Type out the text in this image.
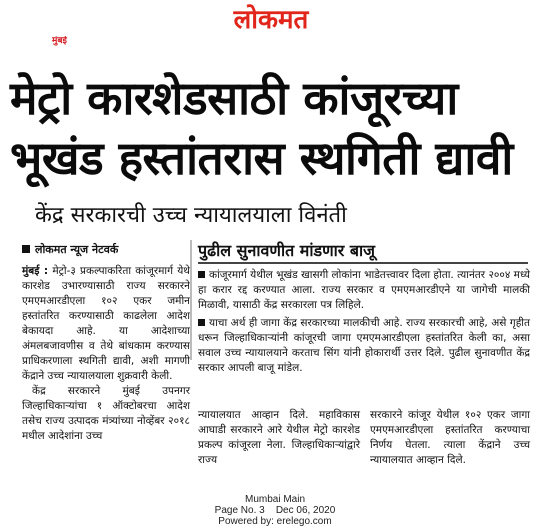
लोकमत
मुंबई
मेट्रो कारशेडसाठी कांजूरच्या
भूखंड हस्तांतरास स्थगिती द्यावी
केंद्र सरकारची उच्च न्यायालयाला विनंती
लोकमत न्यूज नेटवर्क

मुंबई : मेट्रो-३ प्रकल्पाकरिता कांजूरमार्ग येथे कारशेड उभारण्यासाठी राज्य सरकारने एमएमआरडीएला १०२ एकर जमीन हस्तांतरित करण्यासाठी काढलेला आदेश बेकायदा आहे. या आदेशाच्या अंमलबजावणीस व तेथे बांधकाम करण्यास प्राधिकरणाला स्थगिती द्यावी, अशी मागणी केंद्राने उच्च न्यायालयाला शुक्रवारी केली.

केंद्र सरकारने मुंबई उपनगर जिल्हाधिकाऱ्यांचा १ ऑक्टोबरचा आदेश तसेच राज्य उत्पादक मंत्र्यांच्या नोव्हेंबर २०१८ मधील आदेशांना उच्च

पुढील सुनावणीत मांडणार बाजू

कांजूरमार्ग येथील भूखंड खासगी लोकांना भाडेतत्त्वावर दिला होता. त्यानंतर २००४ मध्ये हा करार रद्द करण्यात आला. राज्य सरकार व एमएमआरडीएने या जागेची मालकी मिळावी, यासाठी केंद्र सरकारला पत्र लिहिले.

याचा अर्थ ही जागा केंद्र सरकारच्या मालकीची आहे. राज्य सरकारची आहे, असे गृहीत धरून जिल्हाधिकाऱ्यांनी कांजूरची जागा एमएमआरडीएला हस्तांतरित केली का, असा सवाल उच्च न्यायालयाने करताच सिंग यांनी होकारार्थी उत्तर दिले. पुढील सुनावणीत केंद्र सरकार आपली बाजू मांडेल.

न्यायालयात आव्हान दिले. महाविकास आघाडी सरकारने आरे येथील मेट्रो कारशेड प्रकल्प कांजूरला नेला. जिल्हाधिकाऱ्यांद्वारे राज्य

सरकारने कांजूर येथील १०२ एकर जागा एमएमआरडीएला हस्तांतरित करण्याचा निर्णय घेतला. त्याला केंद्राने उच्च न्यायालयात आव्हान दिले.

Mumbai Main
Page No. 3    Dec 06, 2020
Powered by: erelego.com
